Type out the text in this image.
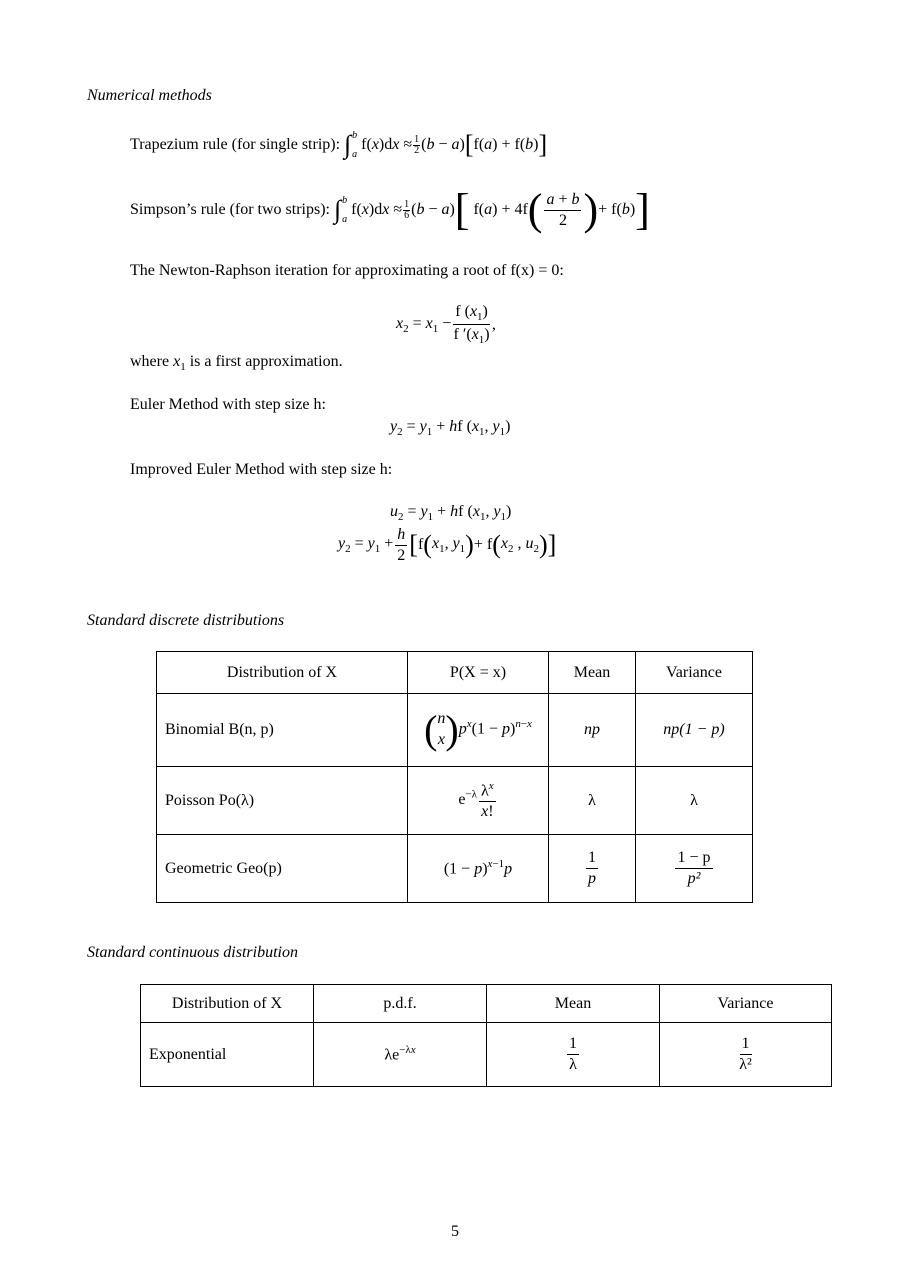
Numerical methods
Trapezium rule (for single strip): ∫ b
a
$f(x)dx \approx \frac{1}{2} (b - a)$ [ f(a) + f(b) ]
Simpson’s rule (for two strips): ∫ b
a
$f(x)dx \approx \frac{1}{6} (b - a)$ [ f(a) + 4f ( $\frac{a + b}{2}$ ) + f(b) ]
The Newton-Raphson iteration for approximating a root of f(x) = 0:
$x_2 = x_1 - \frac{f (x_1)}{f '(x_1)}$ ,
where $x_1$ is a first approximation.
Euler Method with step size h:
$y_2 = y_1$ + hf ($x_1$, $y_1$)
Improved Euler Method with step size h:
$u_2 = y_1$ + hf ($x_1$, $y_1$)
$y_2 = y_1 + \frac{h}{2}$ [ f ( $x_1$, $y_1$ ) + f ( $x_2$ , $u_2$ ) ]
Standard discrete distributions
Distribution of X	P(X = x)	Mean	Variance
Binomial B(n, p)	( n
x ) $p^x(1 - p)^{n-x}$	np	np(1 − p)
Poisson Po(λ)	$e^{-\lambda} \frac{\lambda^x}{x!}$	λ	λ
Geometric Geo(p)	$(1 - p)^{x-1}p$	$\frac{1}{p}$	$\frac{1 - p}{\text{p²}}$
Standard continuous distribution
Distribution of X	p.d.f.	Mean	Variance
Exponential	$\lambda e^{-\lambda x}$	$\frac{1}{\lambda}$	$\frac{1}{\text{λ²}}$
5
